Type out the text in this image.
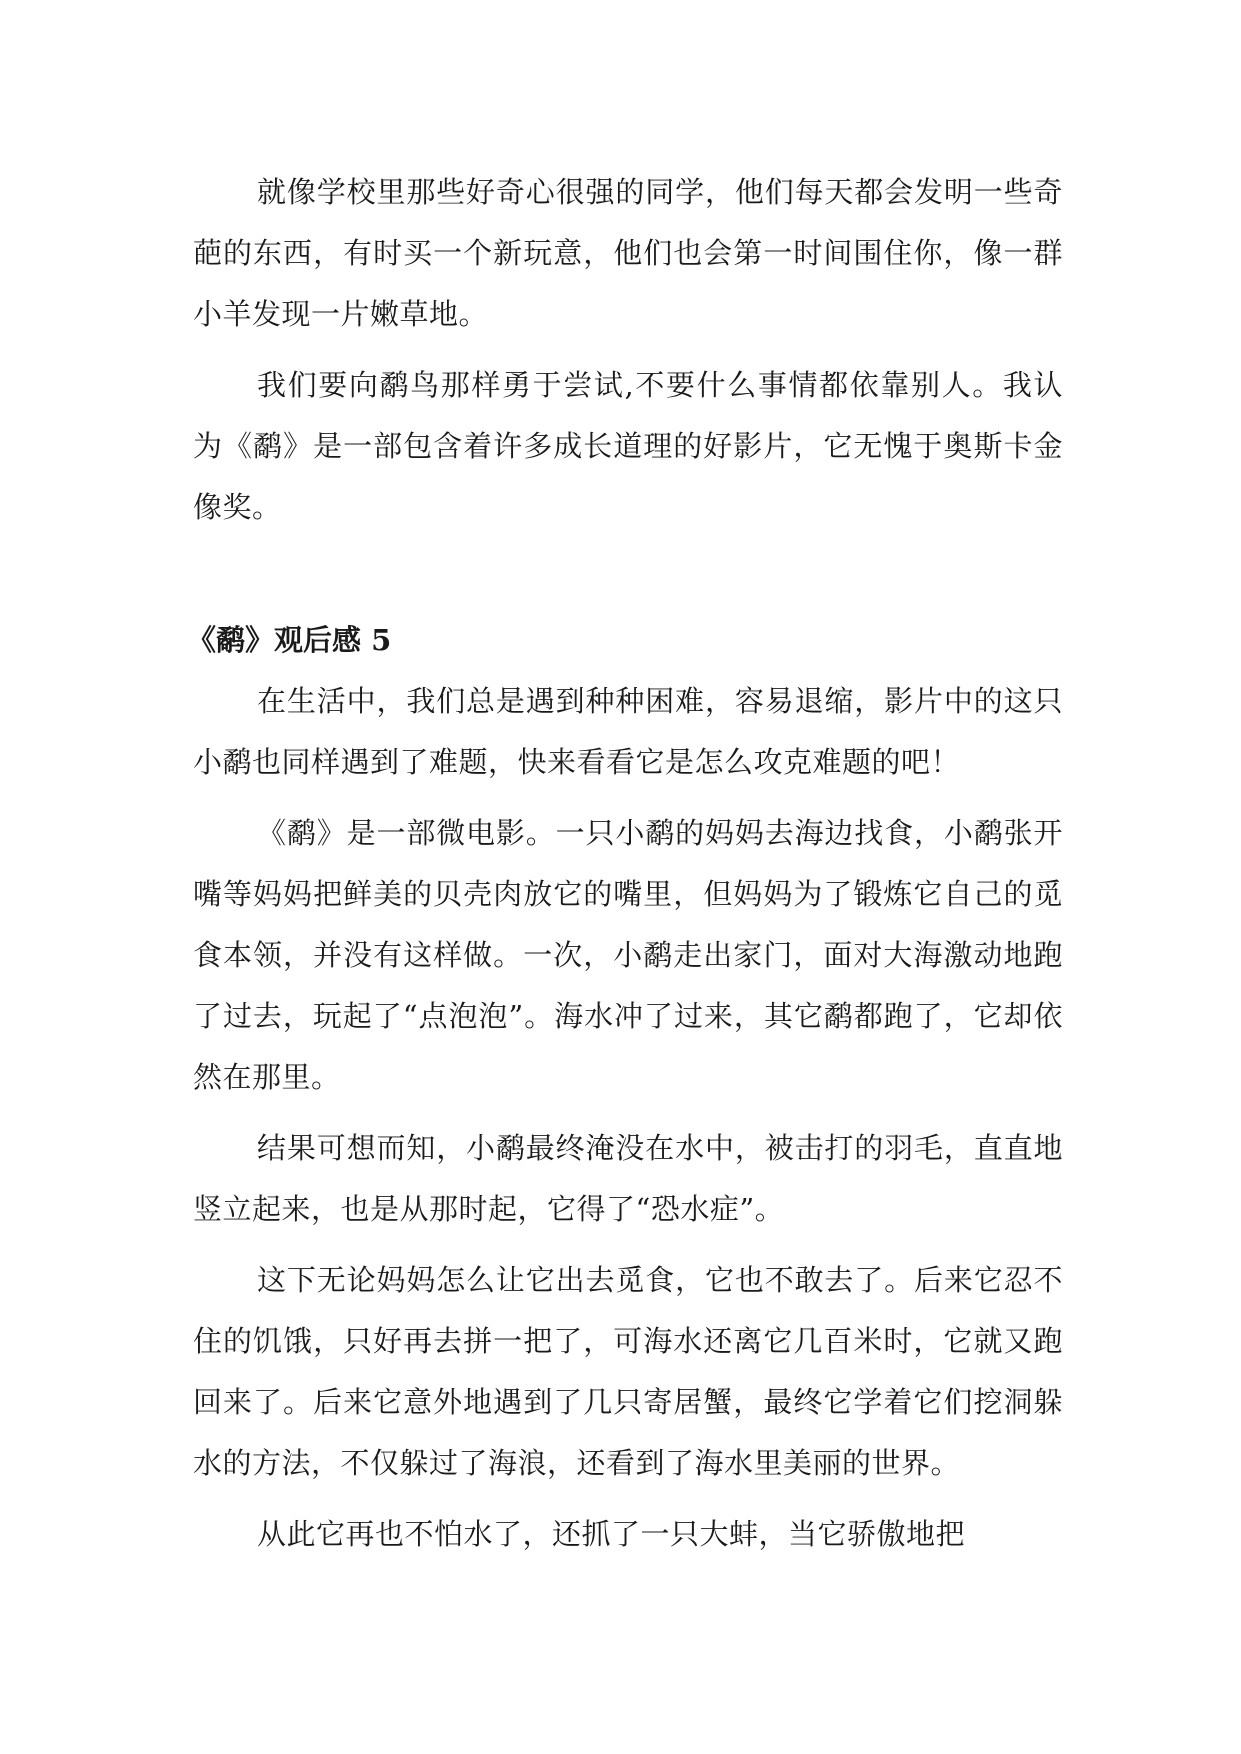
就像学校里那些好奇心很强的同学，他们每天都会发明一些奇葩的东西，有时买一个新玩意，他们也会第一时间围住你，像一群小羊发现一片嫩草地。

我们要向鹬鸟那样勇于尝试,不要什么事情都依靠别人。我认为《鹬》是一部包含着许多成长道理的好影片，它无愧于奥斯卡金像奖。

《鹬》观后感 5

在生活中，我们总是遇到种种困难，容易退缩，影片中的这只小鹬也同样遇到了难题，快来看看它是怎么攻克难题的吧！

《鹬》是一部微电影。一只小鹬的妈妈去海边找食，小鹬张开嘴等妈妈把鲜美的贝壳肉放它的嘴里，但妈妈为了锻炼它自己的觅食本领，并没有这样做。一次，小鹬走出家门，面对大海激动地跑了过去，玩起了“点泡泡”。海水冲了过来，其它鹬都跑了，它却依然在那里。

结果可想而知，小鹬最终淹没在水中，被击打的羽毛，直直地竖立起来，也是从那时起，它得了“恐水症”。

这下无论妈妈怎么让它出去觅食，它也不敢去了。后来它忍不住的饥饿，只好再去拼一把了，可海水还离它几百米时，它就又跑回来了。后来它意外地遇到了几只寄居蟹，最终它学着它们挖洞躲水的方法，不仅躲过了海浪，还看到了海水里美丽的世界。

从此它再也不怕水了，还抓了一只大蚌，当它骄傲地把
